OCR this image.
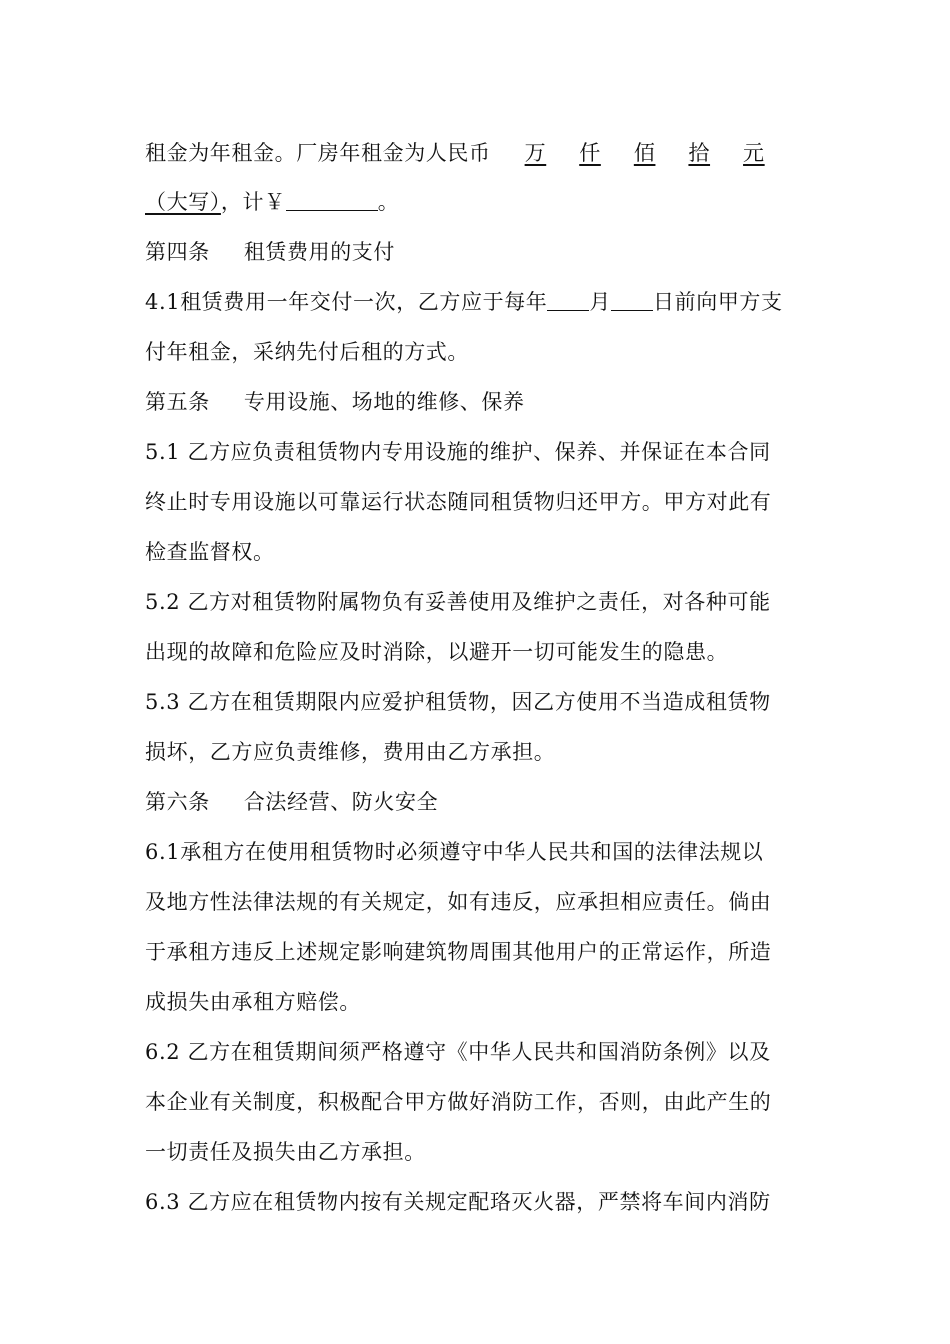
租金为年租金。厂房年租金为人民币 万 仟 佰 拾 元
（大写），计￥	。
第四条 租赁费用的支付
4.1租赁费用一年交付一次，乙方应于每年 月 日前向甲方支
付年租金，采纳先付后租的方式。
第五条 专用设施、场地的维修、保养
5.1 乙方应负责租赁物内专用设施的维护、保养、并保证在本合同
终止时专用设施以可靠运行状态随同租赁物归还甲方。甲方对此有
检查监督权。
5.2 乙方对租赁物附属物负有妥善使用及维护之责任，对各种可能
出现的故障和危险应及时消除，以避开一切可能发生的隐患。
5.3 乙方在租赁期限内应爱护租赁物，因乙方使用不当造成租赁物
损坏，乙方应负责维修，费用由乙方承担。
第六条 合法经营、防火安全
6.1承租方在使用租赁物时必须遵守中华人民共和国的法律法规以
及地方性法律法规的有关规定，如有违反，应承担相应责任。倘由
于承租方违反上述规定影响建筑物周围其他用户的正常运作，所造
成损失由承租方赔偿。
6.2 乙方在租赁期间须严格遵守《中华人民共和国消防条例》以及
本企业有关制度，积极配合甲方做好消防工作，否则，由此产生的
一切责任及损失由乙方承担。
6.3 乙方应在租赁物内按有关规定配珞灭火器，严禁将车间内消防
